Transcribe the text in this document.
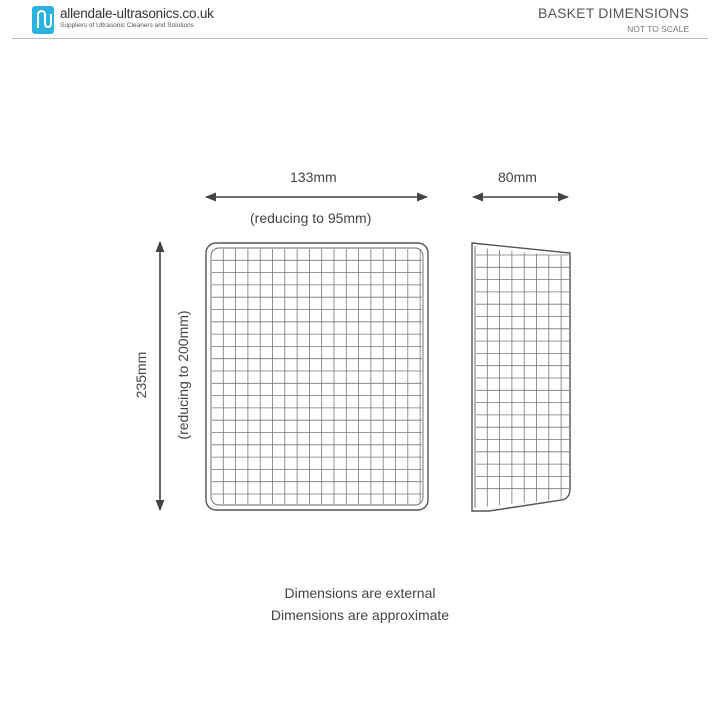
allendale-ultrasonics.co.uk
Suppliers of Ultrasonic Cleaners and Solutions
BASKET DIMENSIONS
NOT TO SCALE
133mm
(reducing to 95mm)
80mm
235mm (reducing to 200mm)
Dimensions are external
Dimensions are approximate
